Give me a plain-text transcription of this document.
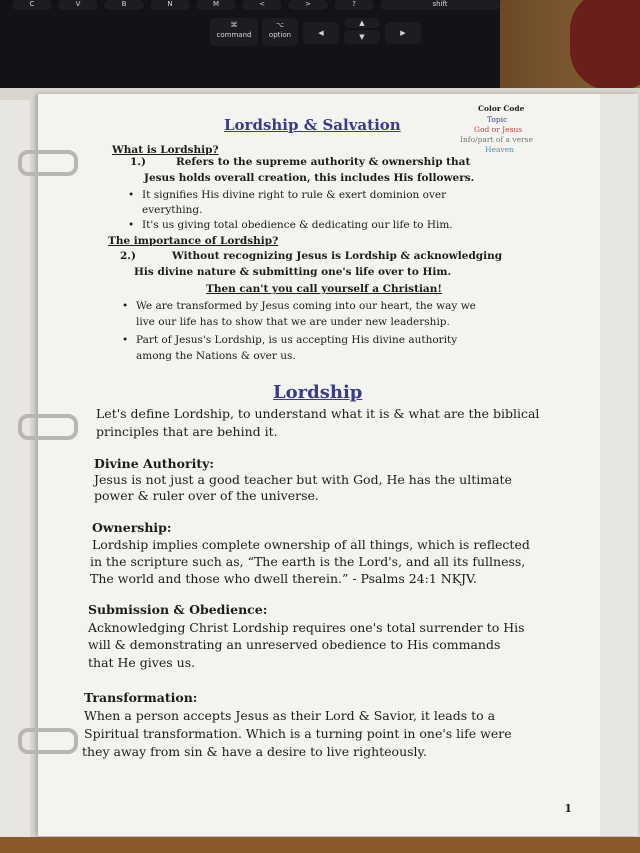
C	V	B	N	M	<	>	?	shift
⌘
command
⌥
option	◀
▲
▼	▶
Lordship & Salvation
Color Code
Topic
God or Jesus
Info/part of a verse
Heaven
What is Lordship?
1.)	Refers to the supreme authority & ownership that
Jesus holds overall creation, this includes His followers.
• It signifies His divine right to rule & exert dominion over
everything.
• It's us giving total obedience & dedicating our life to Him.
The importance of Lordship?
2.)	Without recognizing Jesus is Lordship & acknowledging
His divine nature & submitting one's life over to Him.
Then can't you call yourself a Christian!
• We are transformed by Jesus coming into our heart, the way we
live our life has to show that we are under new leadership.
• Part of Jesus's Lordship, is us accepting His divine authority
among the Nations & over us.
Lordship
Let's define Lordship, to understand what it is & what are the biblical
principles that are behind it.
Divine Authority:
Jesus is not just a good teacher but with God, He has the ultimate
power & ruler over of the universe.
Ownership:
Lordship implies complete ownership of all things, which is reflected
in the scripture such as, “The earth is the Lord's, and all its fullness,
The world and those who dwell therein.” - Psalms 24:1 NKJV.
Submission & Obedience:
Acknowledging Christ Lordship requires one's total surrender to His
will & demonstrating an unreserved obedience to His commands
that He gives us.
Transformation:
When a person accepts Jesus as their Lord & Savior, it leads to a
Spiritual transformation. Which is a turning point in one's life were
they away from sin & have a desire to live righteously.
1
